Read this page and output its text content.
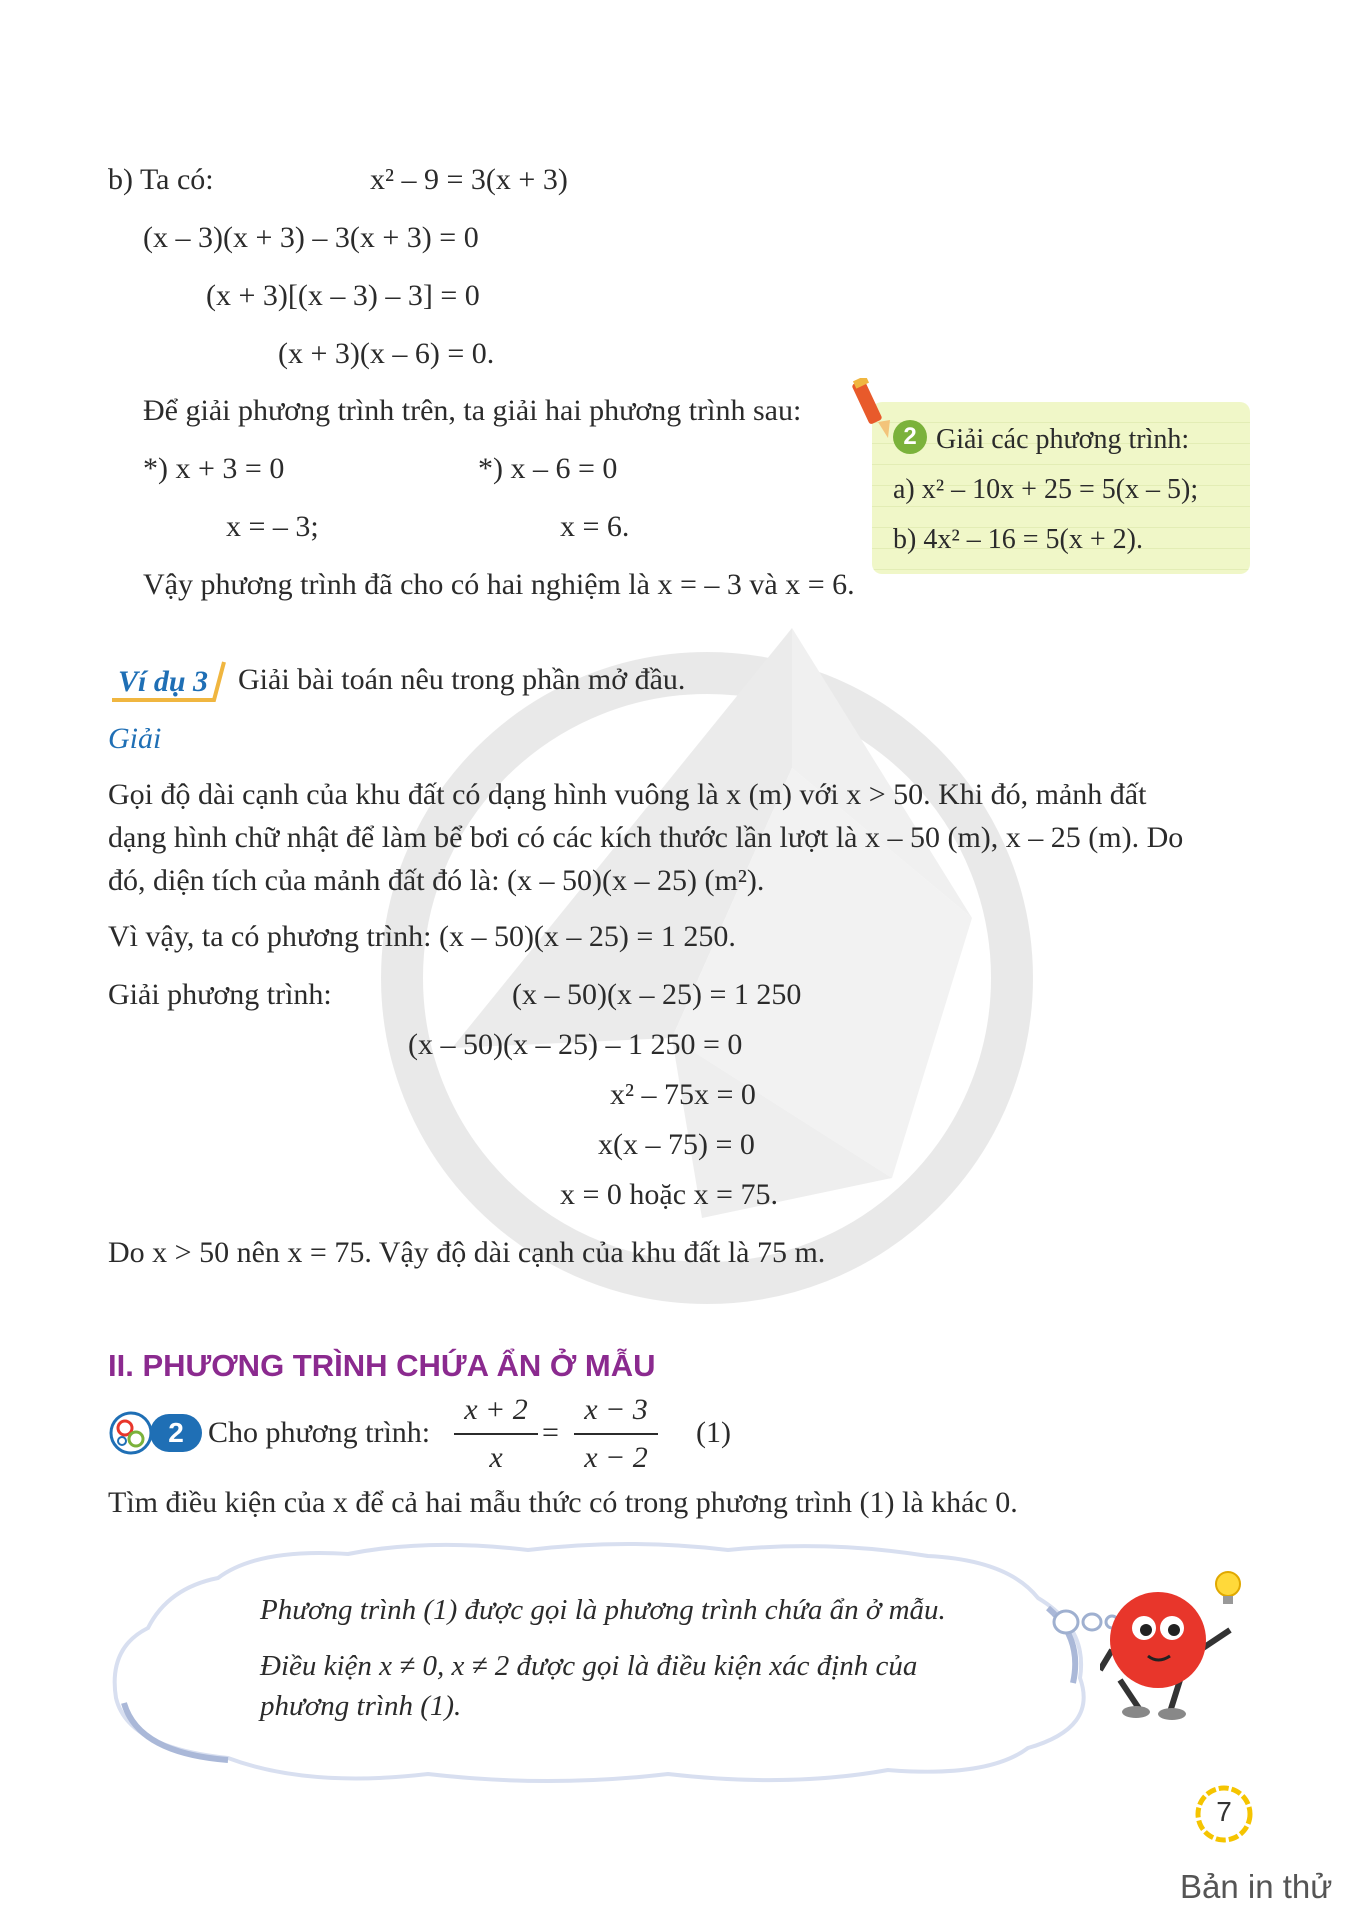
b) Ta có:	x² – 9 = 3(x + 3)
(x – 3)(x + 3) – 3(x + 3) = 0
(x + 3)[(x – 3) – 3] = 0
(x + 3)(x – 6) = 0.
Để giải phương trình trên, ta giải hai phương trình sau:
*) x + 3 = 0
x = – 3;
*) x – 6 = 0
x = 6.
Vậy phương trình đã cho có hai nghiệm là x = – 3 và x = 6.
2 Giải các phương trình:
a) x² – 10x + 25 = 5(x – 5);
b) 4x² – 16 = 5(x + 2).
Ví dụ 3 Giải bài toán nêu trong phần mở đầu.
Giải
Gọi độ dài cạnh của khu đất có dạng hình vuông là x (m) với x > 50. Khi đó, mảnh đất
dạng hình chữ nhật để làm bể bơi có các kích thước lần lượt là x – 50 (m), x – 25 (m). Do
đó, diện tích của mảnh đất đó là: (x – 50)(x – 25) (m²).
Vì vậy, ta có phương trình: (x – 50)(x – 25) = 1 250.
Giải phương trình:	(x – 50)(x – 25) = 1 250
(x – 50)(x – 25) – 1 250 = 0
x² – 75x = 0
x(x – 75) = 0
x = 0 hoặc x = 75.
Do x > 50 nên x = 75. Vậy độ dài cạnh của khu đất là 75 m.
II. PHƯƠNG TRÌNH CHỨA ẨN Ở MẪU
2 Cho phương trình:
x + 2
x
=
x − 3
x − 2
(1)
Tìm điều kiện của x để cả hai mẫu thức có trong phương trình (1) là khác 0.
Phương trình (1) được gọi là phương trình chứa ẩn ở mẫu.
Điều kiện x ≠ 0, x ≠ 2 được gọi là điều kiện xác định của
phương trình (1).
7
Bản in thử
